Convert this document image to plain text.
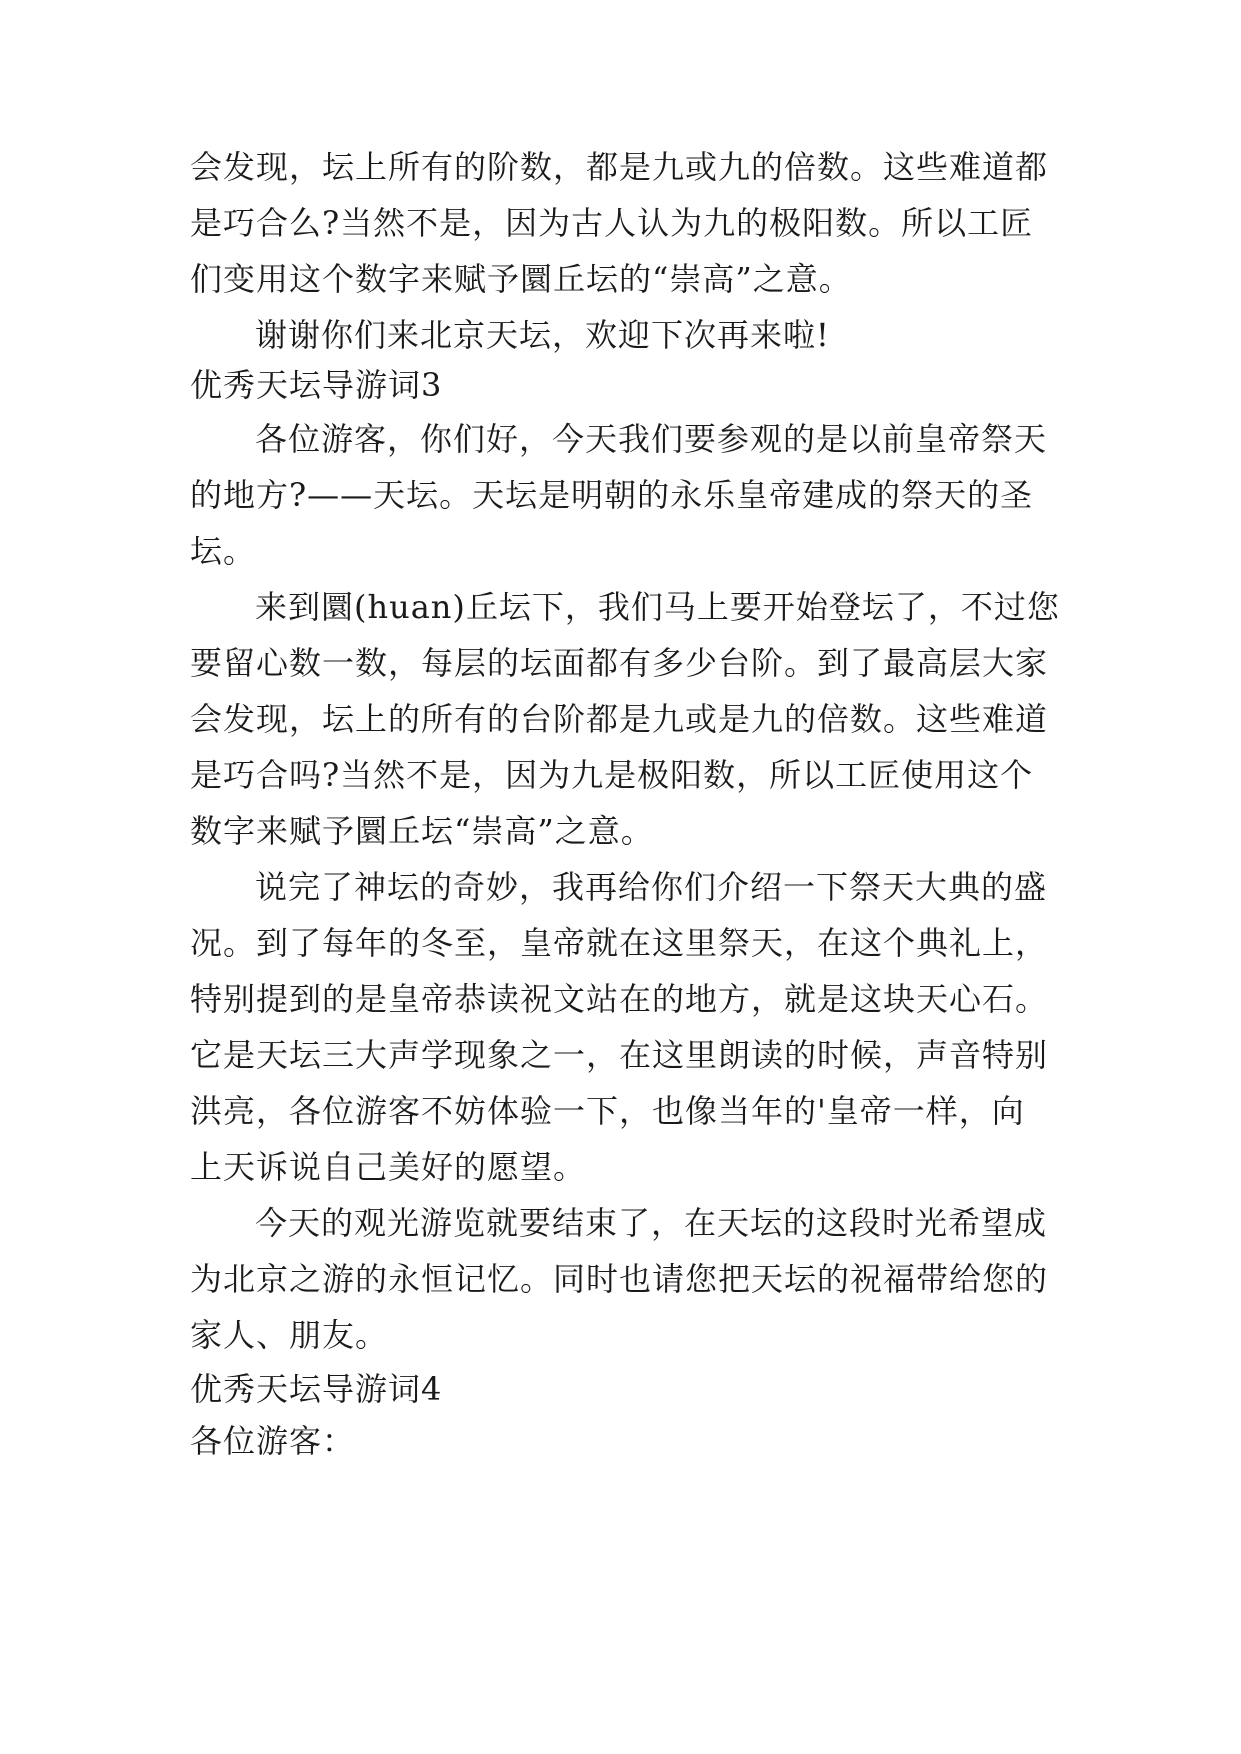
会发现，坛上所有的阶数，都是九或九的倍数。这些难道都
是巧合么?当然不是，因为古人认为九的极阳数。所以工匠
们变用这个数字来赋予圜丘坛的“崇高”之意。
谢谢你们来北京天坛，欢迎下次再来啦!
优秀天坛导游词3
各位游客，你们好，今天我们要参观的是以前皇帝祭天
的地方?——天坛。天坛是明朝的永乐皇帝建成的祭天的圣
坛。
来到圜(huan)丘坛下，我们马上要开始登坛了，不过您
要留心数一数，每层的坛面都有多少台阶。到了最高层大家
会发现，坛上的所有的台阶都是九或是九的倍数。这些难道
是巧合吗?当然不是，因为九是极阳数，所以工匠使用这个
数字来赋予圜丘坛“崇高”之意。
说完了神坛的奇妙，我再给你们介绍一下祭天大典的盛
况。到了每年的冬至，皇帝就在这里祭天，在这个典礼上，
特别提到的是皇帝恭读祝文站在的地方，就是这块天心石。
它是天坛三大声学现象之一，在这里朗读的时候，声音特别
洪亮，各位游客不妨体验一下，也像当年的'皇帝一样，向
上天诉说自己美好的愿望。
今天的观光游览就要结束了，在天坛的这段时光希望成
为北京之游的永恒记忆。同时也请您把天坛的祝福带给您的
家人、朋友。
优秀天坛导游词4
各位游客：
